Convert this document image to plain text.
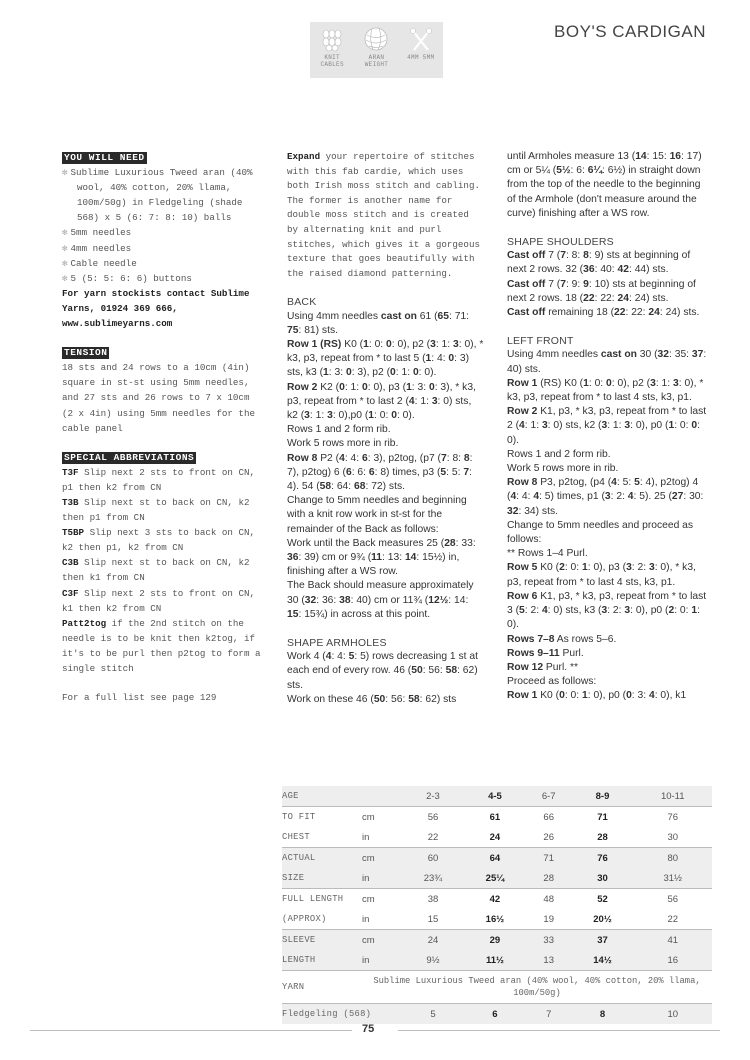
KNIT CABLES
ARAN WEIGHT
4MM 5MM
BOY'S CARDIGAN
YOU WILL NEED

✻ Sublime Luxurious Tweed aran (40% wool, 40% cotton, 20% llama, 100m/50g) in Fledgeling (shade 568) x 5 (6: 7: 8: 10) balls

✻ 5mm needles

✻ 4mm needles

✻ Cable needle

✻ 5 (5: 5: 6: 6) buttons

For yarn stockists contact Sublime Yarns, 01924 369 666, www.sublimeyarns.com

TENSION

18 sts and 24 rows to a 10cm (4in) square in st-st using 5mm needles, and 27 sts and 26 rows to 7 x 10cm (2 x 4in) using 5mm needles for the cable panel

SPECIAL ABBREVIATIONS

T3F Slip next 2 sts to front on CN, p1 then k2 from CN

T3B Slip next st to back on CN, k2 then p1 from CN

T5BP Slip next 3 sts to back on CN, k2 then p1, k2 from CN

C3B Slip next st to back on CN, k2 then k1 from CN

C3F Slip next 2 sts to front on CN, k1 then k2 from CN

Patt2tog if the 2nd stitch on the needle is to be knit then k2tog, if it's to be purl then p2tog to form a single stitch

For a full list see page 129

Expand your repertoire of stitches with this fab cardie, which uses both Irish moss stitch and cabling. The former is another name for double moss stitch and is created by alternating knit and purl stitches, which gives it a gorgeous texture that goes beautifully with the raised diamond patterning.

BACK

Using 4mm needles cast on 61 (65: 71: 75: 81) sts.

Row 1 (RS) K0 (1: 0: 0: 0), p2 (3: 1: 3: 0), * k3, p3, repeat from * to last 5 (1: 4: 0: 3) sts, k3 (1: 3: 0: 3), p2 (0: 1: 0: 0).

Row 2 K2 (0: 1: 0: 0), p3 (1: 3: 0: 3), * k3, p3, repeat from * to last 2 (4: 1: 3: 0) sts, k2 (3: 1: 3: 0),p0 (1: 0: 0: 0).

Rows 1 and 2 form rib.

Work 5 rows more in rib.

Row 8 P2 (4: 4: 6: 3), p2tog, (p7 (7: 8: 8: 7), p2tog) 6 (6: 6: 6: 8) times, p3 (5: 5: 7: 4). 54 (58: 64: 68: 72) sts.

Change to 5mm needles and beginning with a knit row work in st-st for the remainder of the Back as follows:

Work until the Back measures 25 (28: 33: 36: 39) cm or 9¾ (11: 13: 14: 15½) in, finishing after a WS row.

The Back should measure approximately 30 (32: 36: 38: 40) cm or 11¾ (12½: 14: 15: 15¾) in across at this point.

SHAPE ARMHOLES

Work 4 (4: 4: 5: 5) rows decreasing 1 st at each end of every row. 46 (50: 56: 58: 62) sts.

Work on these 46 (50: 56: 58: 62) sts

until Armholes measure 13 (14: 15: 16: 17) cm or 5¼ (5½: 6: 6¼: 6½) in straight down from the top of the needle to the beginning of the Armhole (don't measure around the curve) finishing after a WS row.

SHAPE SHOULDERS

Cast off 7 (7: 8: 8: 9) sts at beginning of next 2 rows. 32 (36: 40: 42: 44) sts.

Cast off 7 (7: 9: 9: 10) sts at beginning of next 2 rows. 18 (22: 22: 24: 24) sts.

Cast off remaining 18 (22: 22: 24: 24) sts.

LEFT FRONT

Using 4mm needles cast on 30 (32: 35: 37: 40) sts.

Row 1 (RS) K0 (1: 0: 0: 0), p2 (3: 1: 3: 0), * k3, p3, repeat from * to last 4 sts, k3, p1.

Row 2 K1, p3, * k3, p3, repeat from * to last 2 (4: 1: 3: 0) sts, k2 (3: 1: 3: 0), p0 (1: 0: 0: 0).

Rows 1 and 2 form rib.

Work 5 rows more in rib.

Row 8 P3, p2tog, (p4 (4: 5: 5: 4), p2tog) 4 (4: 4: 4: 5) times, p1 (3: 2: 4: 5). 25 (27: 30: 32: 34) sts.

Change to 5mm needles and proceed as follows:

** Rows 1–4 Purl.

Row 5 K0 (2: 0: 1: 0), p3 (3: 2: 3: 0), * k3, p3, repeat from * to last 4 sts, k3, p1.

Row 6 K1, p3, * k3, p3, repeat from * to last 3 (5: 2: 4: 0) sts, k3 (3: 2: 3: 0), p0 (2: 0: 1: 0).

Rows 7–8 As rows 5–6.

Rows 9–11 Purl.

Row 12 Purl. **

Proceed as follows:

Row 1 K0 (0: 0: 1: 0), p0 (0: 3: 4: 0), k1

AGE		2-3	4-5	6-7	8-9	10-11
TO FIT	cm	56	61	66	71	76
CHEST	in	22	24	26	28	30
ACTUAL	cm	60	64	71	76	80
SIZE	in	23¾	25¼	28	30	31½
FULL LENGTH	cm	38	42	48	52	56
(APPROX)	in	15	16½	19	20½	22
SLEEVE	cm	24	29	33	37	41
LENGTH	in	9½	11½	13	14½	16
YARN	Sublime Luxurious Tweed aran (40% wool, 40% cotton, 20% llama, 100m/50g)					
Fledgeling (568)		5	6	7	8	10
75
